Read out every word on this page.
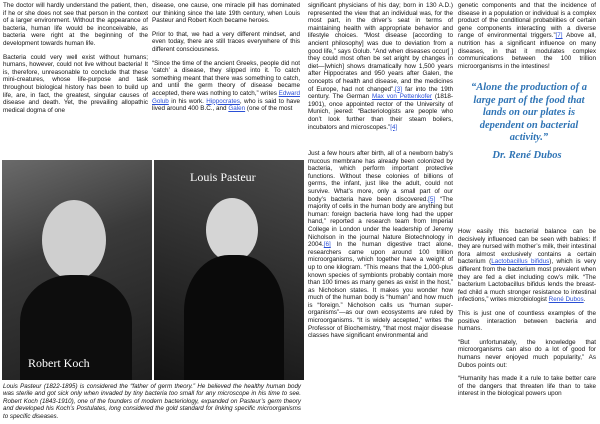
The doctor will hardly understand the patient, then, if he or she does not see that person in the context of a larger environment. Without the appearance of bacteria, human life would be inconceivable, as bacteria were right at the beginning of the development towards human life.

Bacteria could very well exist without humans; humans, however, could not live without bacteria! It is, therefore, unreasonable to conclude that these mini-creatures, whose life-purpose and task throughout biological history has been to build up life, are, in fact, the greatest, singular causes of disease and death. Yet, the prevailing allopathic medical dogma of one

disease, one cause, one miracle pill has dominated our thinking since the late 19th century, when Louis Pasteur and Robert Koch became heroes.

Prior to that, we had a very different mindset, and even today, there are still traces everywhere of this different consciousness.

“Since the time of the ancient Greeks, people did not ‘catch’ a disease, they slipped into it. To catch something meant that there was something to catch, and until the germ theory of disease became accepted, there was nothing to catch,” writes Edward Golub in his work. Hippocrates, who is said to have lived around 400 B.C., and Galen (one of the most

significant physicians of his day; born in 130 A.D.) represented the view that an individual was, for the most part, in the driver’s seat in terms of maintaining health with appropriate behavior and lifestyle choices. “Most disease [according to ancient philosophy] was due to deviation from a good life,” says Golub. “And when diseases occur[ ] they could most often be set aright by changes in diet—[which] shows dramatically how 1,500 years after Hippocrates and 950 years after Galen, the concepts of health and disease, and the medicines of Europe, had not changed”.[3] far into the 19th century. The German Max von Pettenkofer (1818-1901), once appointed rector of the University of Munich, jeered: “Bacteriologists are people who don’t look further than their steam boilers, incubators and microscopes.”[4]

Just a few hours after birth, all of a newborn baby’s mucous membrane has already been colonized by bacteria, which perform important protective functions. Without these colonies of billions of germs, the infant, just like the adult, could not survive. What’s more, only a small part of our body’s bacteria have been discovered.[5] “The majority of cells in the human body are anything but human: foreign bacteria have long had the upper hand,” reported a research team from Imperial College in London under the leadership of Jeremy Nicholson in the journal Nature Biotechnology in 2004.[6] In the human digestive tract alone, researchers came upon around 100 trillion microorganisms, which together have a weight of up to one kilogram. “This means that the 1,000-plus known species of symbionts probably contain more than 100 times as many genes as exist in the host,” as Nicholson states. It makes you wonder how much of the human body is “human” and how much is “foreign.” Nicholson calls us “human super-organisms”—as our own ecosystems are ruled by microorganisms. “It is widely accepted,” writes the Professor of Biochemistry, “that most major disease classes have significant environmental and

genetic components and that the incidence of disease in a population or individual is a complex product of the conditional probabilities of certain gene components interacting with a diverse range of environmental triggers.”[7] Above all, nutrition has a significant influence on many diseases, in that it modulates complex communications between the 100 trillion microorganisms in the intestines!

“Alone the production of a large part of the food that lands on our plates is dependent on bacterial activity.”
Dr. René Dubos

How easily this bacterial balance can be decisively influenced can be seen with babies: If they are nursed with mother’s milk, their intestinal flora almost exclusively contains a certain bacterium (Lactobacillus bifidus), which is very different from the bacterium most prevalent when they are fed a diet including cow’s milk. “The bacterium Lactobacillus bifidus lends the breast-fed child a much stronger resistance to intestinal infections,” writes microbiologist René Dubos.

This is just one of countless examples of the positive interaction between bacteria and humans.

“But unfortunately, the knowledge that microorganisms can also do a lot of good for humans never enjoyed much popularity,” As Dubos points out:

“Humanity has made it a rule to take better care of the dangers that threaten life than to take interest in the biological powers upon

Robert Koch
Louis Pasteur
Louis Pasteur (1822-1895) is considered the “father of germ theory.” He believed the healthy human body was sterile and got sick only when invaded by tiny bacteria too small for any microscope in his time to see. Robert Koch (1843-1910), one of the founders of modern bacteriology, expanded on Pasteur’s germ theory and developed his Koch’s Postulates, long considered the gold standard for linking specific microorganisms to specific diseases.
